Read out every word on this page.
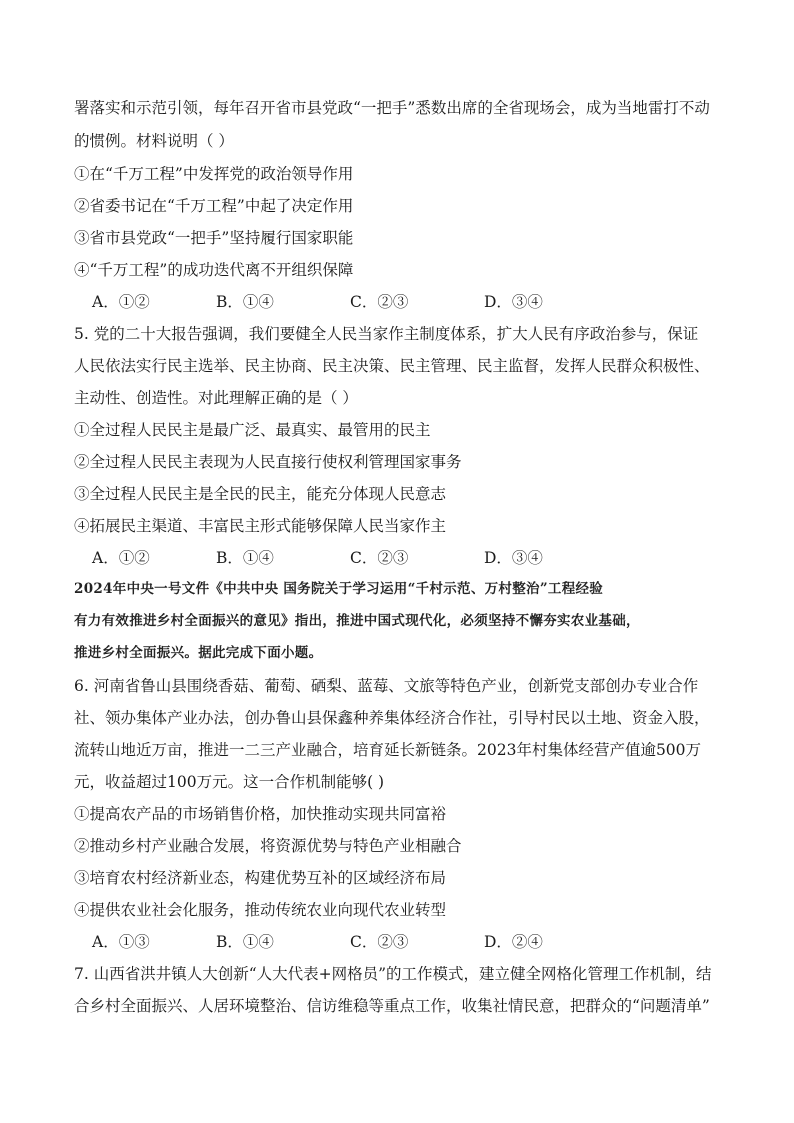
署落实和示范引领，每年召开省市县党政“一把手”悉数出席的全省现场会，成为当地雷打不动
的惯例。材料说明（ ）
①在“千万工程”中发挥党的政治领导作用
②省委书记在“千万工程”中起了决定作用
③省市县党政“一把手”坚持履行国家职能
④“千万工程”的成功迭代离不开组织保障
A．①②	B．①④	C．②③	D．③④
5. 党的二十大报告强调，我们要健全人民当家作主制度体系，扩大人民有序政治参与，保证
人民依法实行民主选举、民主协商、民主决策、民主管理、民主监督，发挥人民群众积极性、
主动性、创造性。对此理解正确的是（ ）
①全过程人民民主是最广泛、最真实、最管用的民主
②全过程人民民主表现为人民直接行使权利管理国家事务
③全过程人民民主是全民的民主，能充分体现人民意志
④拓展民主渠道、丰富民主形式能够保障人民当家作主
A．①②	B．①④	C．②③	D．③④
2024年中央一号文件《中共中央 国务院关于学习运用“千村示范、万村整治”工程经验
有力有效推进乡村全面振兴的意见》指出，推进中国式现代化，必须坚持不懈夯实农业基础，
推进乡村全面振兴。据此完成下面小题。
6. 河南省鲁山县围绕香菇、葡萄、硒梨、蓝莓、文旅等特色产业，创新党支部创办专业合作
社、领办集体产业办法，创办鲁山县保鑫种养集体经济合作社，引导村民以土地、资金入股，
流转山地近万亩，推进一二三产业融合，培育延长新链条。2023年村集体经营产值逾500万
元，收益超过100万元。这一合作机制能够( )
①提高农产品的市场销售价格，加快推动实现共同富裕
②推动乡村产业融合发展，将资源优势与特色产业相融合
③培育农村经济新业态，构建优势互补的区域经济布局
④提供农业社会化服务，推动传统农业向现代农业转型
A．①③	B．①④	C．②③	D．②④
7. 山西省洪井镇人大创新“人大代表+网格员”的工作模式，建立健全网格化管理工作机制，结
合乡村全面振兴、人居环境整治、信访维稳等重点工作，收集社情民意，把群众的“问题清单”
